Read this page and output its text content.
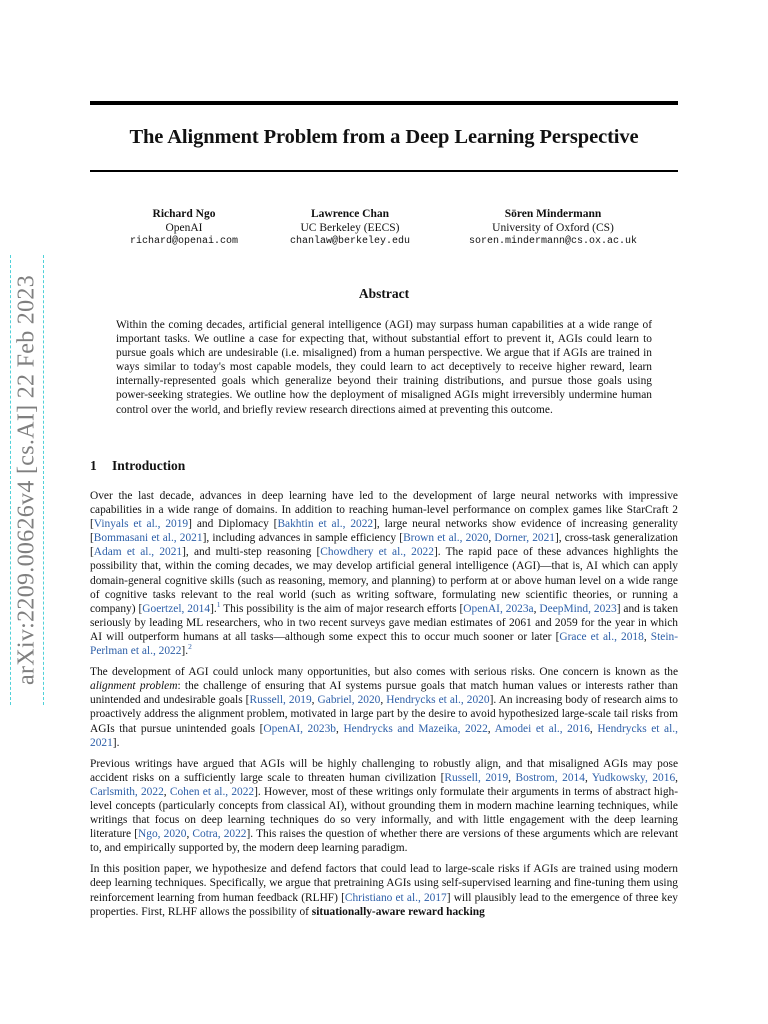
arXiv:2209.00626v4 [cs.AI] 22 Feb 2023
The Alignment Problem from a Deep Learning Perspective
Richard Ngo
OpenAI
richard@openai.com
Lawrence Chan
UC Berkeley (EECS)
chanlaw@berkeley.edu
Sören Mindermann
University of Oxford (CS)
soren.mindermann@cs.ox.ac.uk
Abstract

Within the coming decades, artificial general intelligence (AGI) may surpass human capabilities at a wide range of important tasks. We outline a case for expecting that, without substantial effort to prevent it, AGIs could learn to pursue goals which are undesirable (i.e. misaligned) from a human perspective. We argue that if AGIs are trained in ways similar to today's most capable models, they could learn to act deceptively to receive higher reward, learn internally-represented goals which generalize beyond their training distributions, and pursue those goals using power-seeking strategies. We outline how the deployment of misaligned AGIs might irreversibly undermine human control over the world, and briefly review research directions aimed at preventing this outcome.

1 Introduction

Over the last decade, advances in deep learning have led to the development of large neural networks with impressive capabilities in a wide range of domains. In addition to reaching human-level performance on complex games like StarCraft 2 [Vinyals et al., 2019] and Diplomacy [Bakhtin et al., 2022], large neural networks show evidence of increasing generality [Bommasani et al., 2021], including advances in sample efficiency [Brown et al., 2020, Dorner, 2021], cross-task generalization [Adam et al., 2021], and multi-step reasoning [Chowdhery et al., 2022]. The rapid pace of these advances highlights the possibility that, within the coming decades, we may develop artificial general intelligence (AGI)—that is, AI which can apply domain-general cognitive skills (such as reasoning, memory, and planning) to perform at or above human level on a wide range of cognitive tasks relevant to the real world (such as writing software, formulating new scientific theories, or running a company) [Goertzel, 2014].$^1$ This possibility is the aim of major research efforts [OpenAI, 2023a, DeepMind, 2023] and is taken seriously by leading ML researchers, who in two recent surveys gave median estimates of 2061 and 2059 for the year in which AI will outperform humans at all tasks—although some expect this to occur much sooner or later [Grace et al., 2018, Stein-Perlman et al., 2022].$^2$

The development of AGI could unlock many opportunities, but also comes with serious risks. One concern is known as the alignment problem: the challenge of ensuring that AI systems pursue goals that match human values or interests rather than unintended and undesirable goals [Russell, 2019, Gabriel, 2020, Hendrycks et al., 2020]. An increasing body of research aims to proactively address the alignment problem, motivated in large part by the desire to avoid hypothesized large-scale tail risks from AGIs that pursue unintended goals [OpenAI, 2023b, Hendrycks and Mazeika, 2022, Amodei et al., 2016, Hendrycks et al., 2021].

Previous writings have argued that AGIs will be highly challenging to robustly align, and that misaligned AGIs may pose accident risks on a sufficiently large scale to threaten human civilization [Russell, 2019, Bostrom, 2014, Yudkowsky, 2016, Carlsmith, 2022, Cohen et al., 2022]. However, most of these writings only formulate their arguments in terms of abstract high-level concepts (particularly concepts from classical AI), without grounding them in modern machine learning techniques, while writings that focus on deep learning techniques do so very informally, and with little engagement with the deep learning literature [Ngo, 2020, Cotra, 2022]. This raises the question of whether there are versions of these arguments which are relevant to, and empirically supported by, the modern deep learning paradigm.

In this position paper, we hypothesize and defend factors that could lead to large-scale risks if AGIs are trained using modern deep learning techniques. Specifically, we argue that pretraining AGIs using self-supervised learning and fine-tuning them using reinforcement learning from human feedback (RLHF) [Christiano et al., 2017] will plausibly lead to the emergence of three key properties. First, RLHF allows the possibility of situationally-aware reward hacking
